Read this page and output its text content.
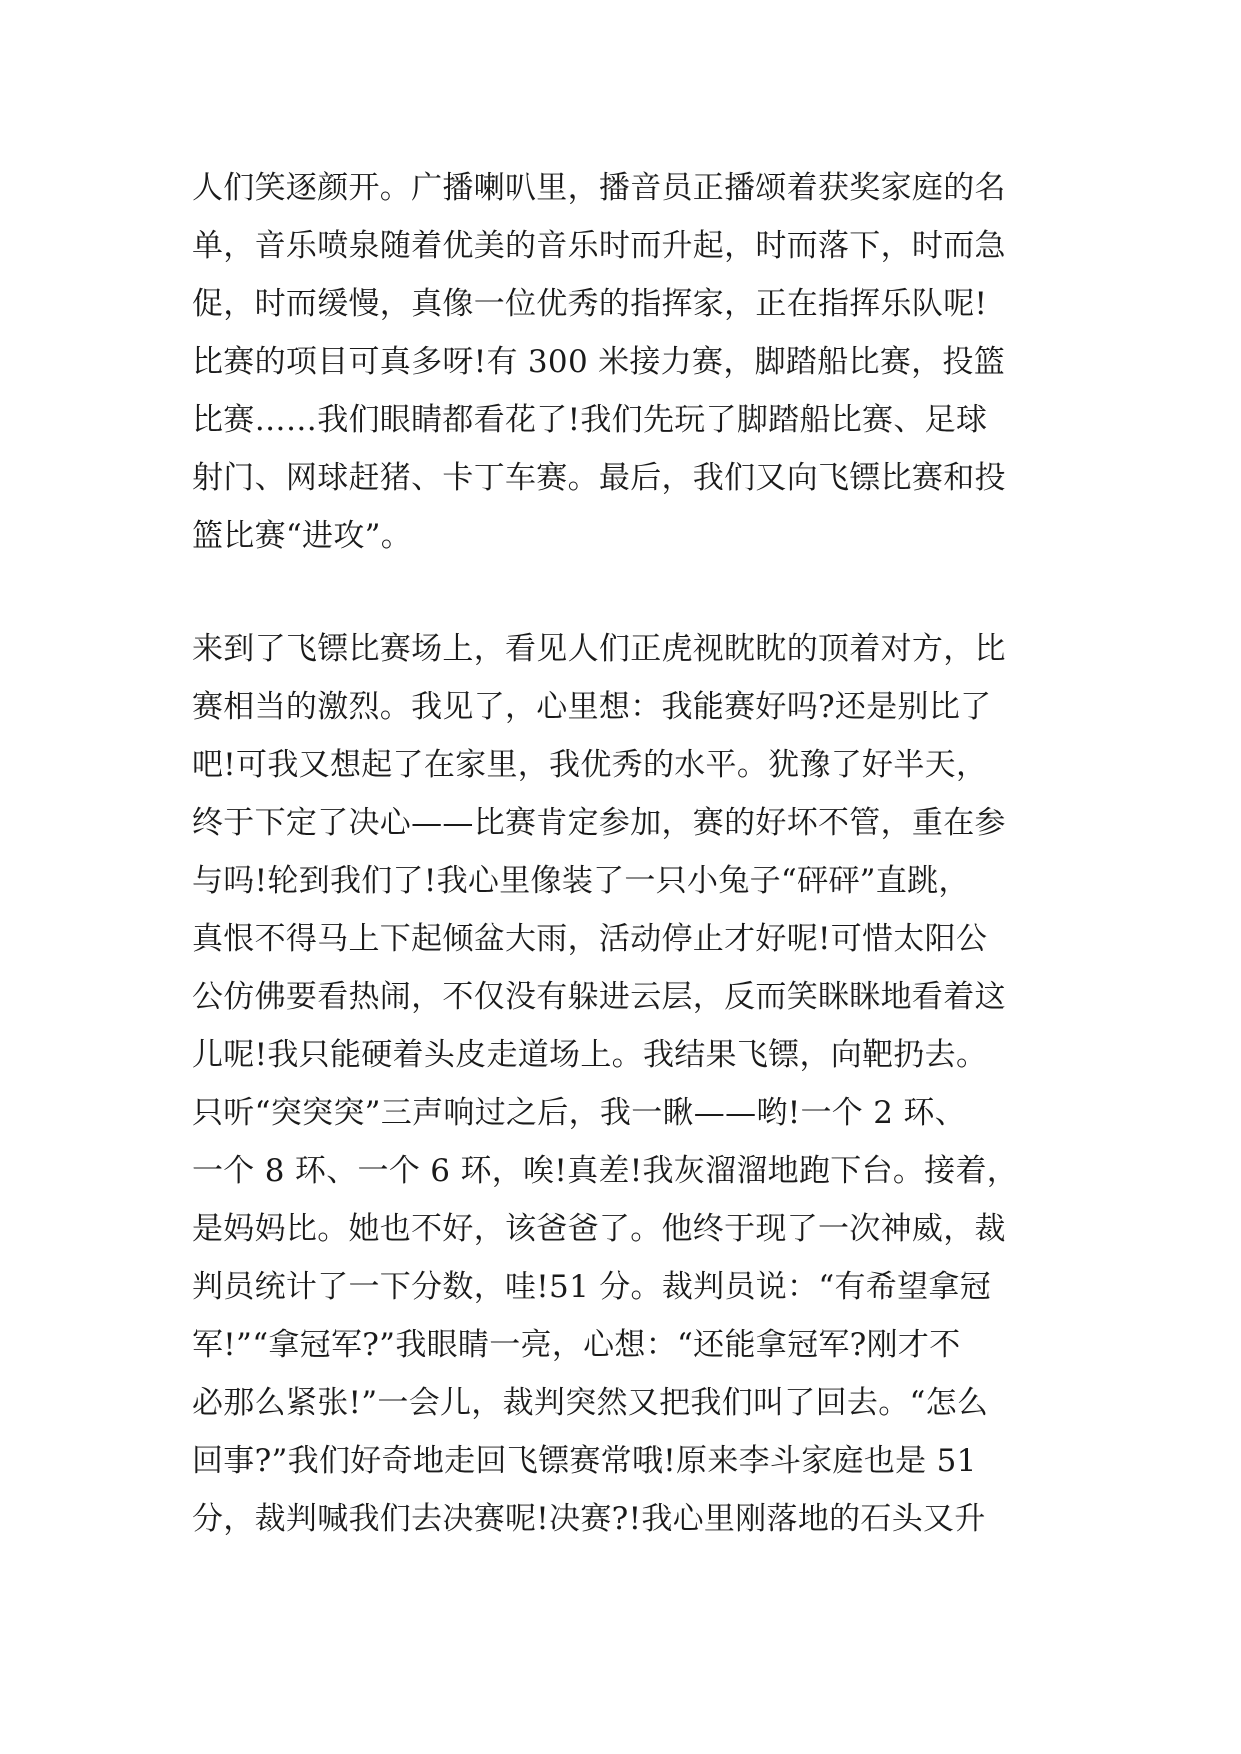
人们笑逐颜开。广播喇叭里，播音员正播颂着获奖家庭的名
单，音乐喷泉随着优美的音乐时而升起，时而落下，时而急
促，时而缓慢，真像一位优秀的指挥家，正在指挥乐队呢!
比赛的项目可真多呀!有 300 米接力赛，脚踏船比赛，投篮
比赛……我们眼睛都看花了!我们先玩了脚踏船比赛、足球
射门、网球赶猪、卡丁车赛。最后，我们又向飞镖比赛和投
篮比赛“进攻”。
来到了飞镖比赛场上，看见人们正虎视眈眈的顶着对方，比
赛相当的激烈。我见了，心里想：我能赛好吗?还是别比了
吧!可我又想起了在家里，我优秀的水平。犹豫了好半天，
终于下定了决心——比赛肯定参加，赛的好坏不管，重在参
与吗!轮到我们了!我心里像装了一只小兔子“砰砰”直跳，
真恨不得马上下起倾盆大雨，活动停止才好呢!可惜太阳公
公仿佛要看热闹，不仅没有躲进云层，反而笑眯眯地看着这
儿呢!我只能硬着头皮走道场上。我结果飞镖，向靶扔去。
只听“突突突”三声响过之后，我一瞅——哟!一个 2 环、
一个 8 环、一个 6 环，唉!真差!我灰溜溜地跑下台。接着，
是妈妈比。她也不好，该爸爸了。他终于现了一次神威，裁
判员统计了一下分数，哇!51 分。裁判员说：“有希望拿冠
军!”“拿冠军?”我眼睛一亮，心想：“还能拿冠军?刚才不
必那么紧张!”一会儿，裁判突然又把我们叫了回去。“怎么
回事?”我们好奇地走回飞镖赛常哦!原来李斗家庭也是 51
分，裁判喊我们去决赛呢!决赛?!我心里刚落地的石头又升
